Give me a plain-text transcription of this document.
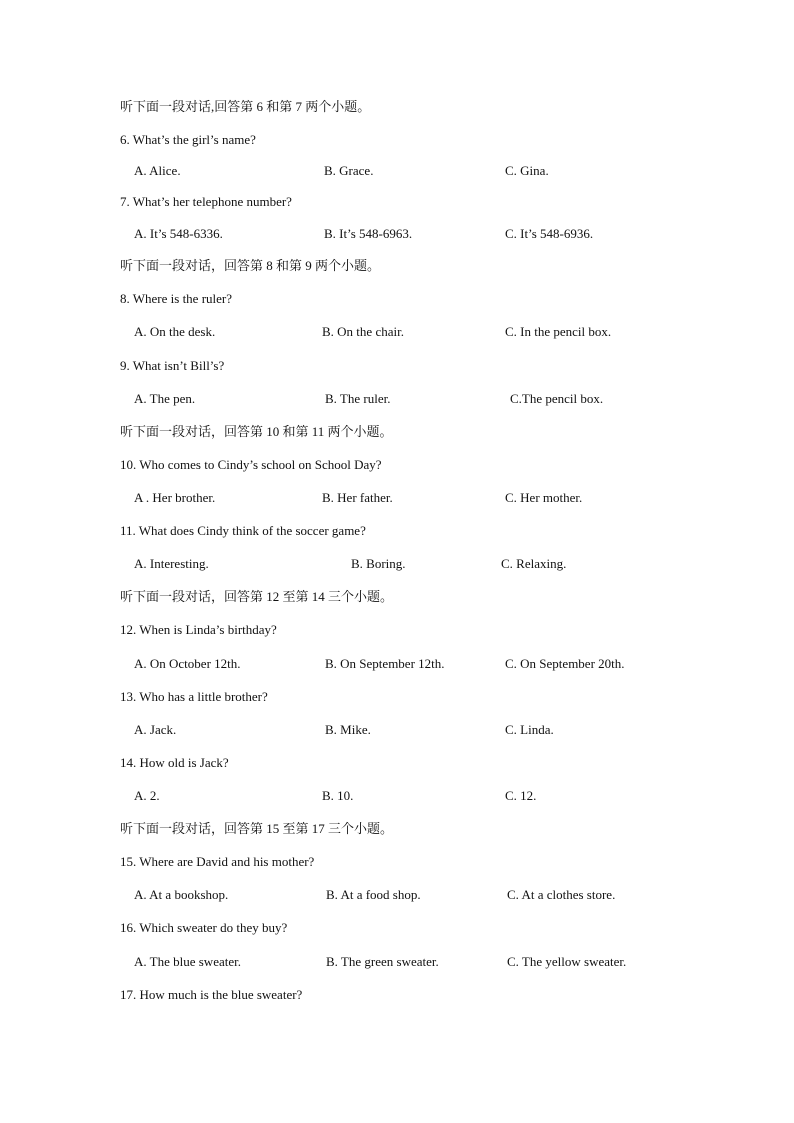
听下面一段对话,回答第 6 和第 7 两个小题。
6. What’s the girl’s name?
A. Alice.	B. Grace.	C. Gina.
7. What’s her telephone number?
A. It’s 548-6336.	B. It’s 548-6963.	C. It’s 548-6936.
听下面一段对话，回答第 8 和第 9 两个小题。
8. Where is the ruler?
A. On the desk.	B. On the chair.	C. In the pencil box.
9. What isn’t Bill’s?
A. The pen.	B. The ruler.	C.The pencil box.
听下面一段对话，回答第 10 和第 11 两个小题。
10. Who comes to Cindy’s school on School Day?
A . Her brother.	B. Her father.	C. Her mother.
11. What does Cindy think of the soccer game?
A. Interesting.	B. Boring.	C. Relaxing.
听下面一段对话，回答第 12 至第 14 三个小题。
12. When is Linda’s birthday?
A. On October 12th.	B. On September 12th.	C. On September 20th.
13. Who has a little brother?
A. Jack.	B. Mike.	C. Linda.
14. How old is Jack?
A. 2.	B. 10.	C. 12.
听下面一段对话，回答第 15 至第 17 三个小题。
15. Where are David and his mother?
A. At a bookshop.	B. At a food shop.	C. At a clothes store.
16. Which sweater do they buy?
A. The blue sweater.	B. The green sweater.	C. The yellow sweater.
17. How much is the blue sweater?
